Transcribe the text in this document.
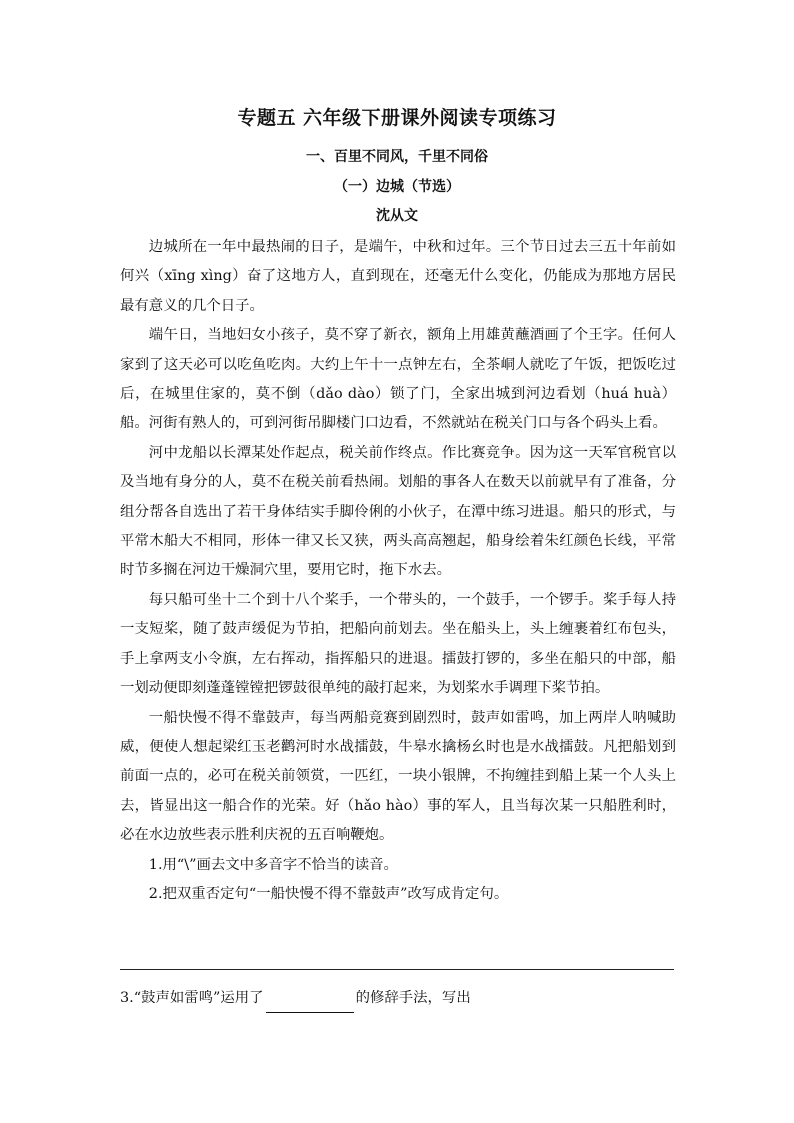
专题五 六年级下册课外阅读专项练习
一、百里不同风，千里不同俗
（一）边城（节选）
沈从文

边城所在一年中最热闹的日子，是端午，中秋和过年。三个节日过去三五十年前如何兴（xīng xìng）奋了这地方人，直到现在，还毫无什么变化，仍能成为那地方居民最有意义的几个日子。

端午日，当地妇女小孩子，莫不穿了新衣，额角上用雄黄蘸酒画了个王字。任何人家到了这天必可以吃鱼吃肉。大约上午十一点钟左右，全茶峒人就吃了午饭，把饭吃过后，在城里住家的，莫不倒（dǎo dào）锁了门，全家出城到河边看划（huá huà）船。河街有熟人的，可到河街吊脚楼门口边看，不然就站在税关门口与各个码头上看。

河中龙船以长潭某处作起点，税关前作终点。作比赛竞争。因为这一天军官税官以及当地有身分的人，莫不在税关前看热闹。划船的事各人在数天以前就早有了准备，分组分帮各自选出了若干身体结实手脚伶俐的小伙子，在潭中练习进退。船只的形式，与平常木船大不相同，形体一律又长又狭，两头高高翘起，船身绘着朱红颜色长线，平常时节多搁在河边干燥洞穴里，要用它时，拖下水去。

每只船可坐十二个到十八个桨手，一个带头的，一个鼓手，一个锣手。桨手每人持一支短桨，随了鼓声缓促为节拍，把船向前划去。坐在船头上，头上缠裹着红布包头，手上拿两支小令旗，左右挥动，指挥船只的进退。擂鼓打锣的，多坐在船只的中部，船一划动便即刻蓬蓬镗镗把锣鼓很单纯的敲打起来，为划桨水手调理下桨节拍。

一船快慢不得不靠鼓声，每当两船竞赛到剧烈时，鼓声如雷鸣，加上两岸人呐喊助威，便使人想起梁红玉老鹳河时水战擂鼓，牛皋水擒杨幺时也是水战擂鼓。凡把船划到前面一点的，必可在税关前领赏，一匹红，一块小银牌，不拘缠挂到船上某一个人头上去，皆显出这一船合作的光荣。好（hǎo hào）事的军人，且当每次某一只船胜利时，必在水边放些表示胜利庆祝的五百响鞭炮。

1.用“\”画去文中多音字不恰当的读音。

2.把双重否定句“一船快慢不得不靠鼓声”改写成肯定句。

3.“鼓声如雷鸣”运用了	的修辞手法，写出
